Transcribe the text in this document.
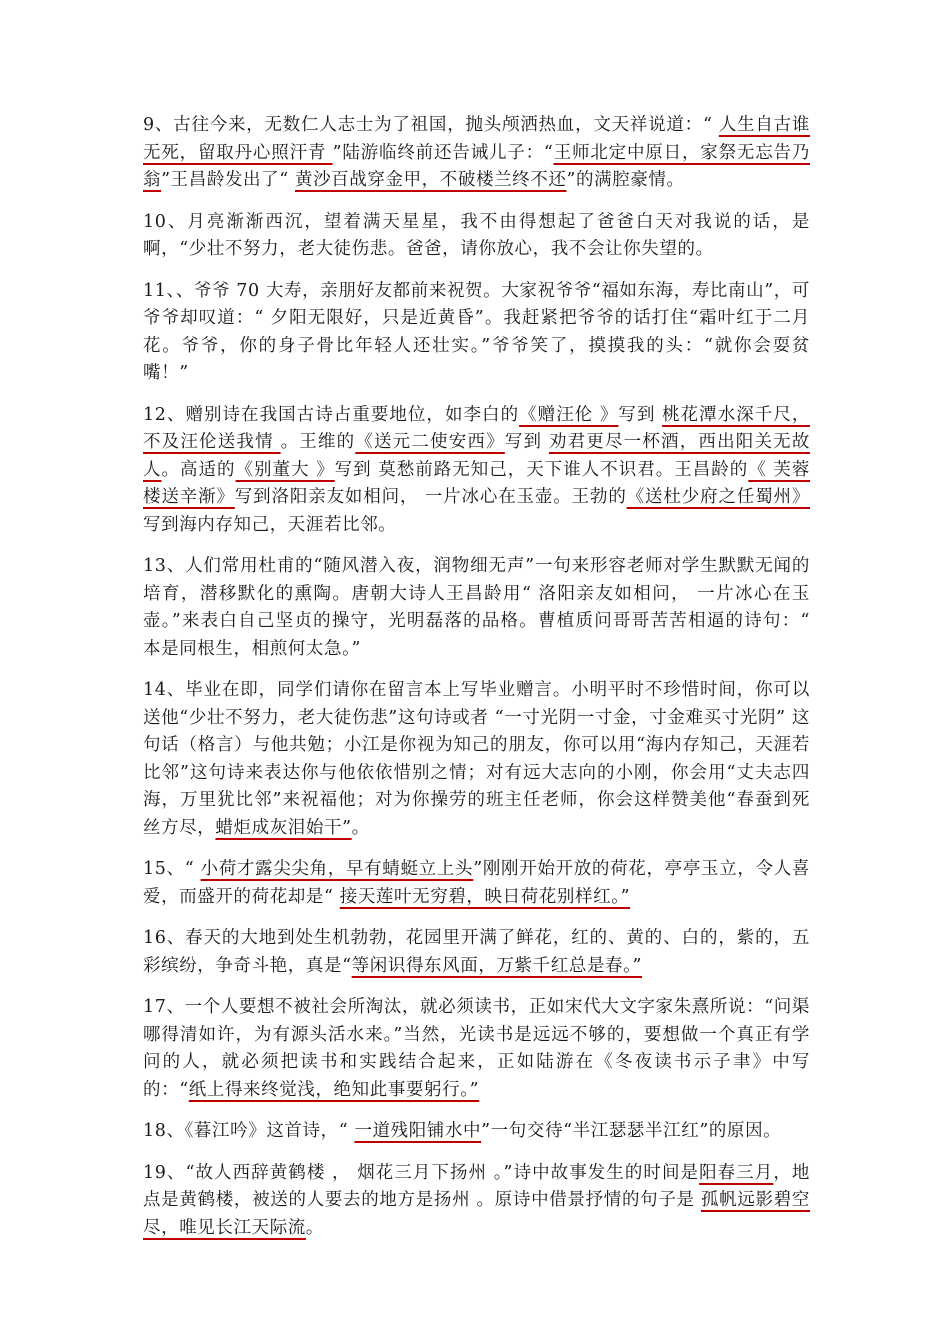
9、古往今来，无数仁人志士为了祖国，抛头颅洒热血，文天祥说道：“ 人生自古谁无死，留取丹心照汗青 ”陆游临终前还告诫儿子：“王师北定中原日，家祭无忘告乃翁”王昌龄发出了“ 黄沙百战穿金甲，不破楼兰终不还”的满腔豪情。

10、月亮渐渐西沉，望着满天星星，我不由得想起了爸爸白天对我说的话，是啊，“少壮不努力，老大徒伤悲。爸爸，请你放心，我不会让你失望的。

11、、爷爷 70 大寿，亲朋好友都前来祝贺。大家祝爷爷“福如东海，寿比南山”，可爷爷却叹道：“ 夕阳无限好，只是近黄昏”。我赶紧把爷爷的话打住“霜叶红于二月花。爷爷，你的身子骨比年轻人还壮实。”爷爷笑了，摸摸我的头：“就你会耍贫嘴！”

12、赠别诗在我国古诗占重要地位，如李白的《赠汪伦 》写到 桃花潭水深千尺，不及汪伦送我情 。王维的《送元二使安西》写到 劝君更尽一杯酒，西出阳关无故人。高适的《别董大 》写到 莫愁前路无知己，天下谁人不识君。王昌龄的《 芙蓉楼送辛渐》写到洛阳亲友如相问， 一片冰心在玉壶。王勃的《送杜少府之任蜀州》写到海内存知己，天涯若比邻。

13、人们常用杜甫的“随风潜入夜，润物细无声”一句来形容老师对学生默默无闻的培育，潜移默化的熏陶。唐朝大诗人王昌龄用“ 洛阳亲友如相问， 一片冰心在玉壶。”来表白自己坚贞的操守，光明磊落的品格。曹植质问哥哥苦苦相逼的诗句：“ 本是同根生，相煎何太急。”

14、毕业在即，同学们请你在留言本上写毕业赠言。小明平时不珍惜时间，你可以送他“少壮不努力，老大徒伤悲”这句诗或者 “一寸光阴一寸金，寸金难买寸光阴” 这句话（格言）与他共勉；小江是你视为知己的朋友，你可以用“海内存知己，天涯若比邻”这句诗来表达你与他依依惜别之情；对有远大志向的小刚，你会用“丈夫志四海，万里犹比邻”来祝福他；对为你操劳的班主任老师，你会这样赞美他“春蚕到死丝方尽，蜡炬成灰泪始干”。

15、“ 小荷才露尖尖角，早有蜻蜓立上头”刚刚开始开放的荷花，亭亭玉立，令人喜爱，而盛开的荷花却是“ 接天莲叶无穷碧，映日荷花别样红。”

16、春天的大地到处生机勃勃，花园里开满了鲜花，红的、黄的、白的，紫的，五彩缤纷，争奇斗艳，真是“等闲识得东风面，万紫千红总是春。”

17、一个人要想不被社会所淘汰，就必须读书，正如宋代大文字家朱熹所说：“问渠哪得清如许，为有源头活水来。”当然，光读书是远远不够的，要想做一个真正有学问的人，就必须把读书和实践结合起来，正如陆游在《冬夜读书示子聿》中写的：“纸上得来终觉浅，绝知此事要躬行。”

18、《暮江吟》这首诗，“ 一道残阳铺水中”一句交待“半江瑟瑟半江红”的原因。

19、“故人西辞黄鹤楼 ， 烟花三月下扬州 。”诗中故事发生的时间是阳春三月，地点是黄鹤楼，被送的人要去的地方是扬州 。原诗中借景抒情的句子是 孤帆远影碧空尽，唯见长江天际流。
